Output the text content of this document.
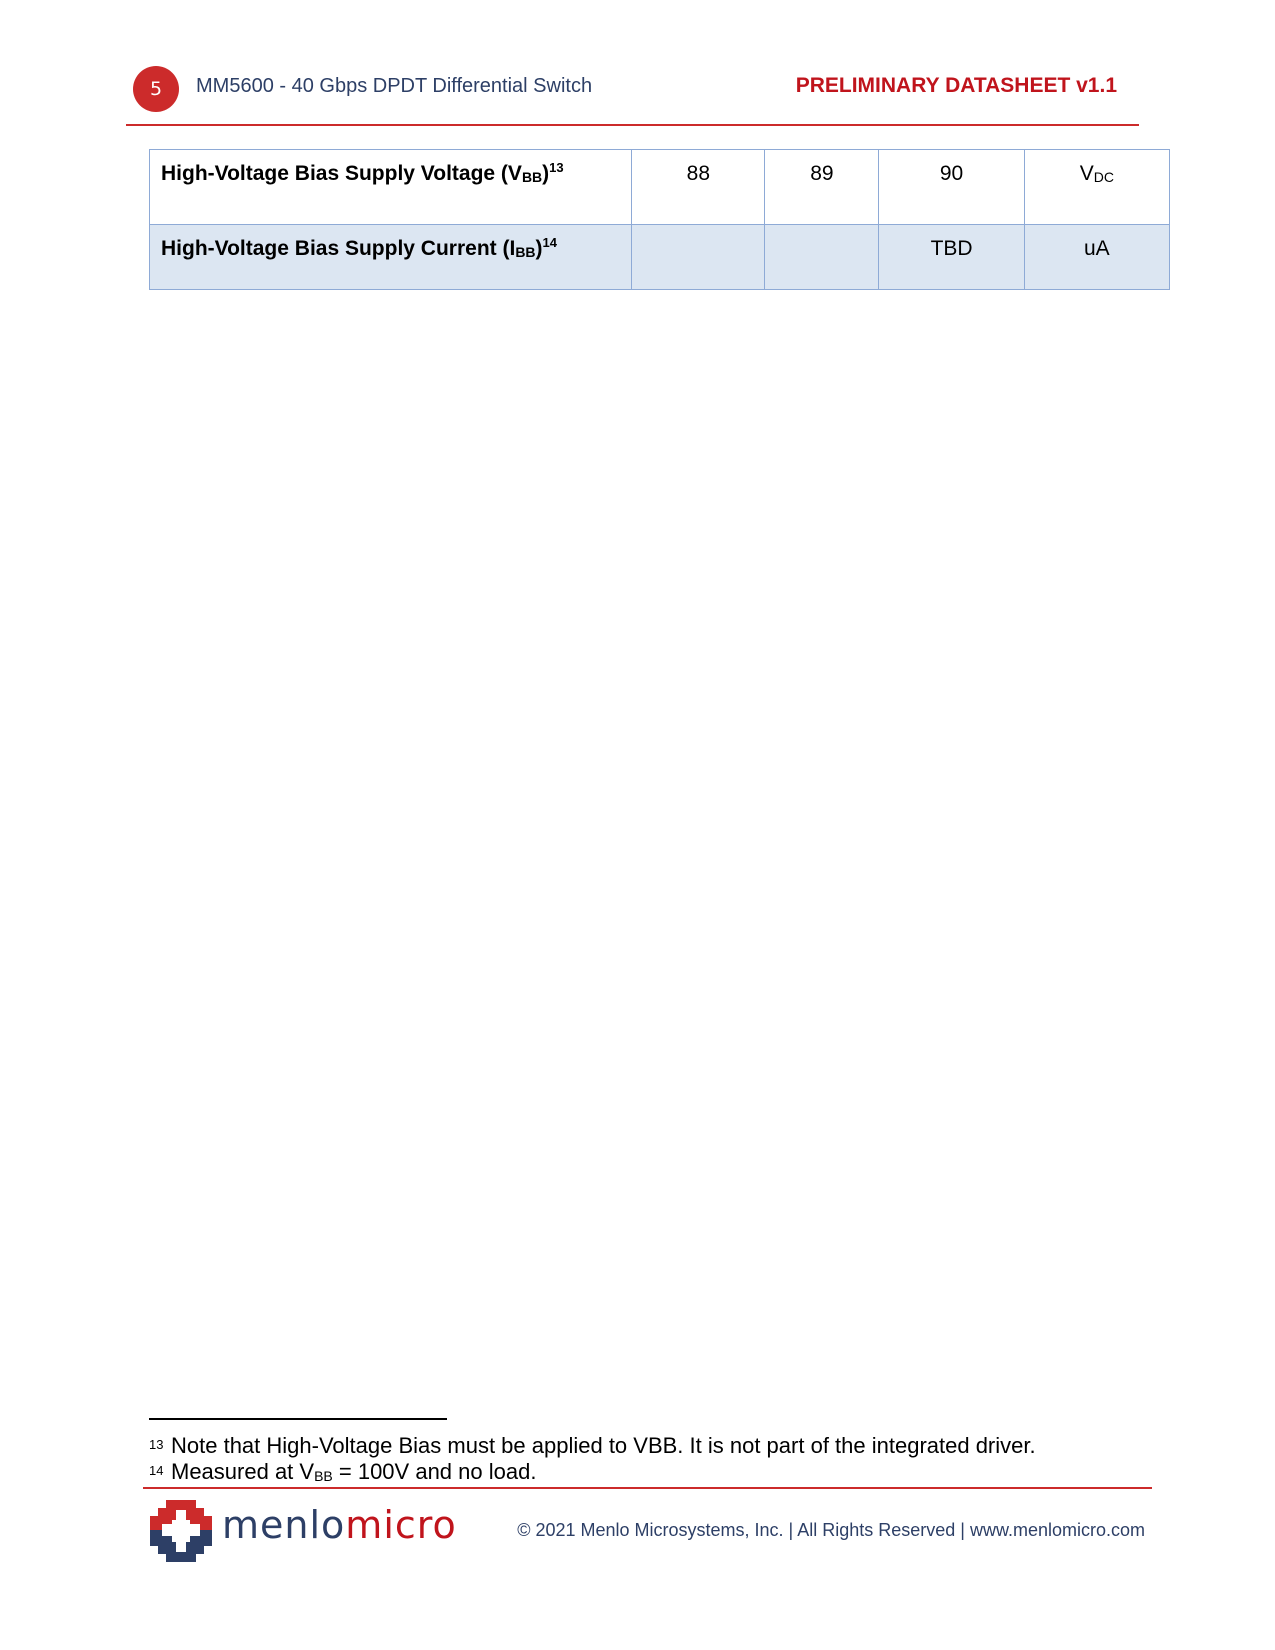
5	MM5600 - 40 Gbps DPDT Differential Switch	PRELIMINARY DATASHEET v1.1
High-Voltage Bias Supply Voltage (VBB)$^{13}$	88	89	90	VDC
High-Voltage Bias Supply Current (IBB)$^{14}$			TBD	uA
13 Note that High-Voltage Bias must be applied to VBB. It is not part of the integrated driver.
14 Measured at VBB = 100V and no load.
menlomicro	© 2021 Menlo Microsystems, Inc. | All Rights Reserved | www.menlomicro.com
